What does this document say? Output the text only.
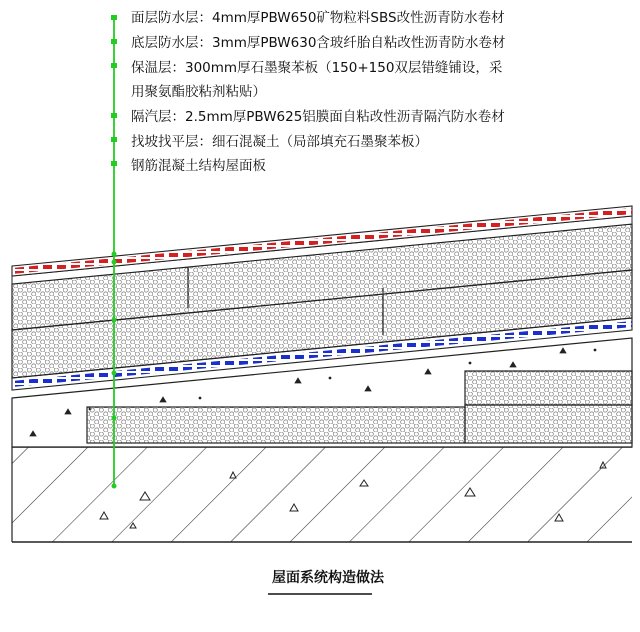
面层防水层：4mm厚PBW650矿物粒料SBS改性沥青防水卷材
底层防水层：3mm厚PBW630含玻纤胎自粘改性沥青防水卷材
保温层：300mm厚石墨聚苯板（150+150双层错缝铺设，采
用聚氨酯胶粘剂粘贴）
隔汽层：2.5mm厚PBW625铝膜面自粘改性沥青隔汽防水卷材
找坡找平层：细石混凝土（局部填充石墨聚苯板）
钢筋混凝土结构屋面板
屋面系统构造做法
